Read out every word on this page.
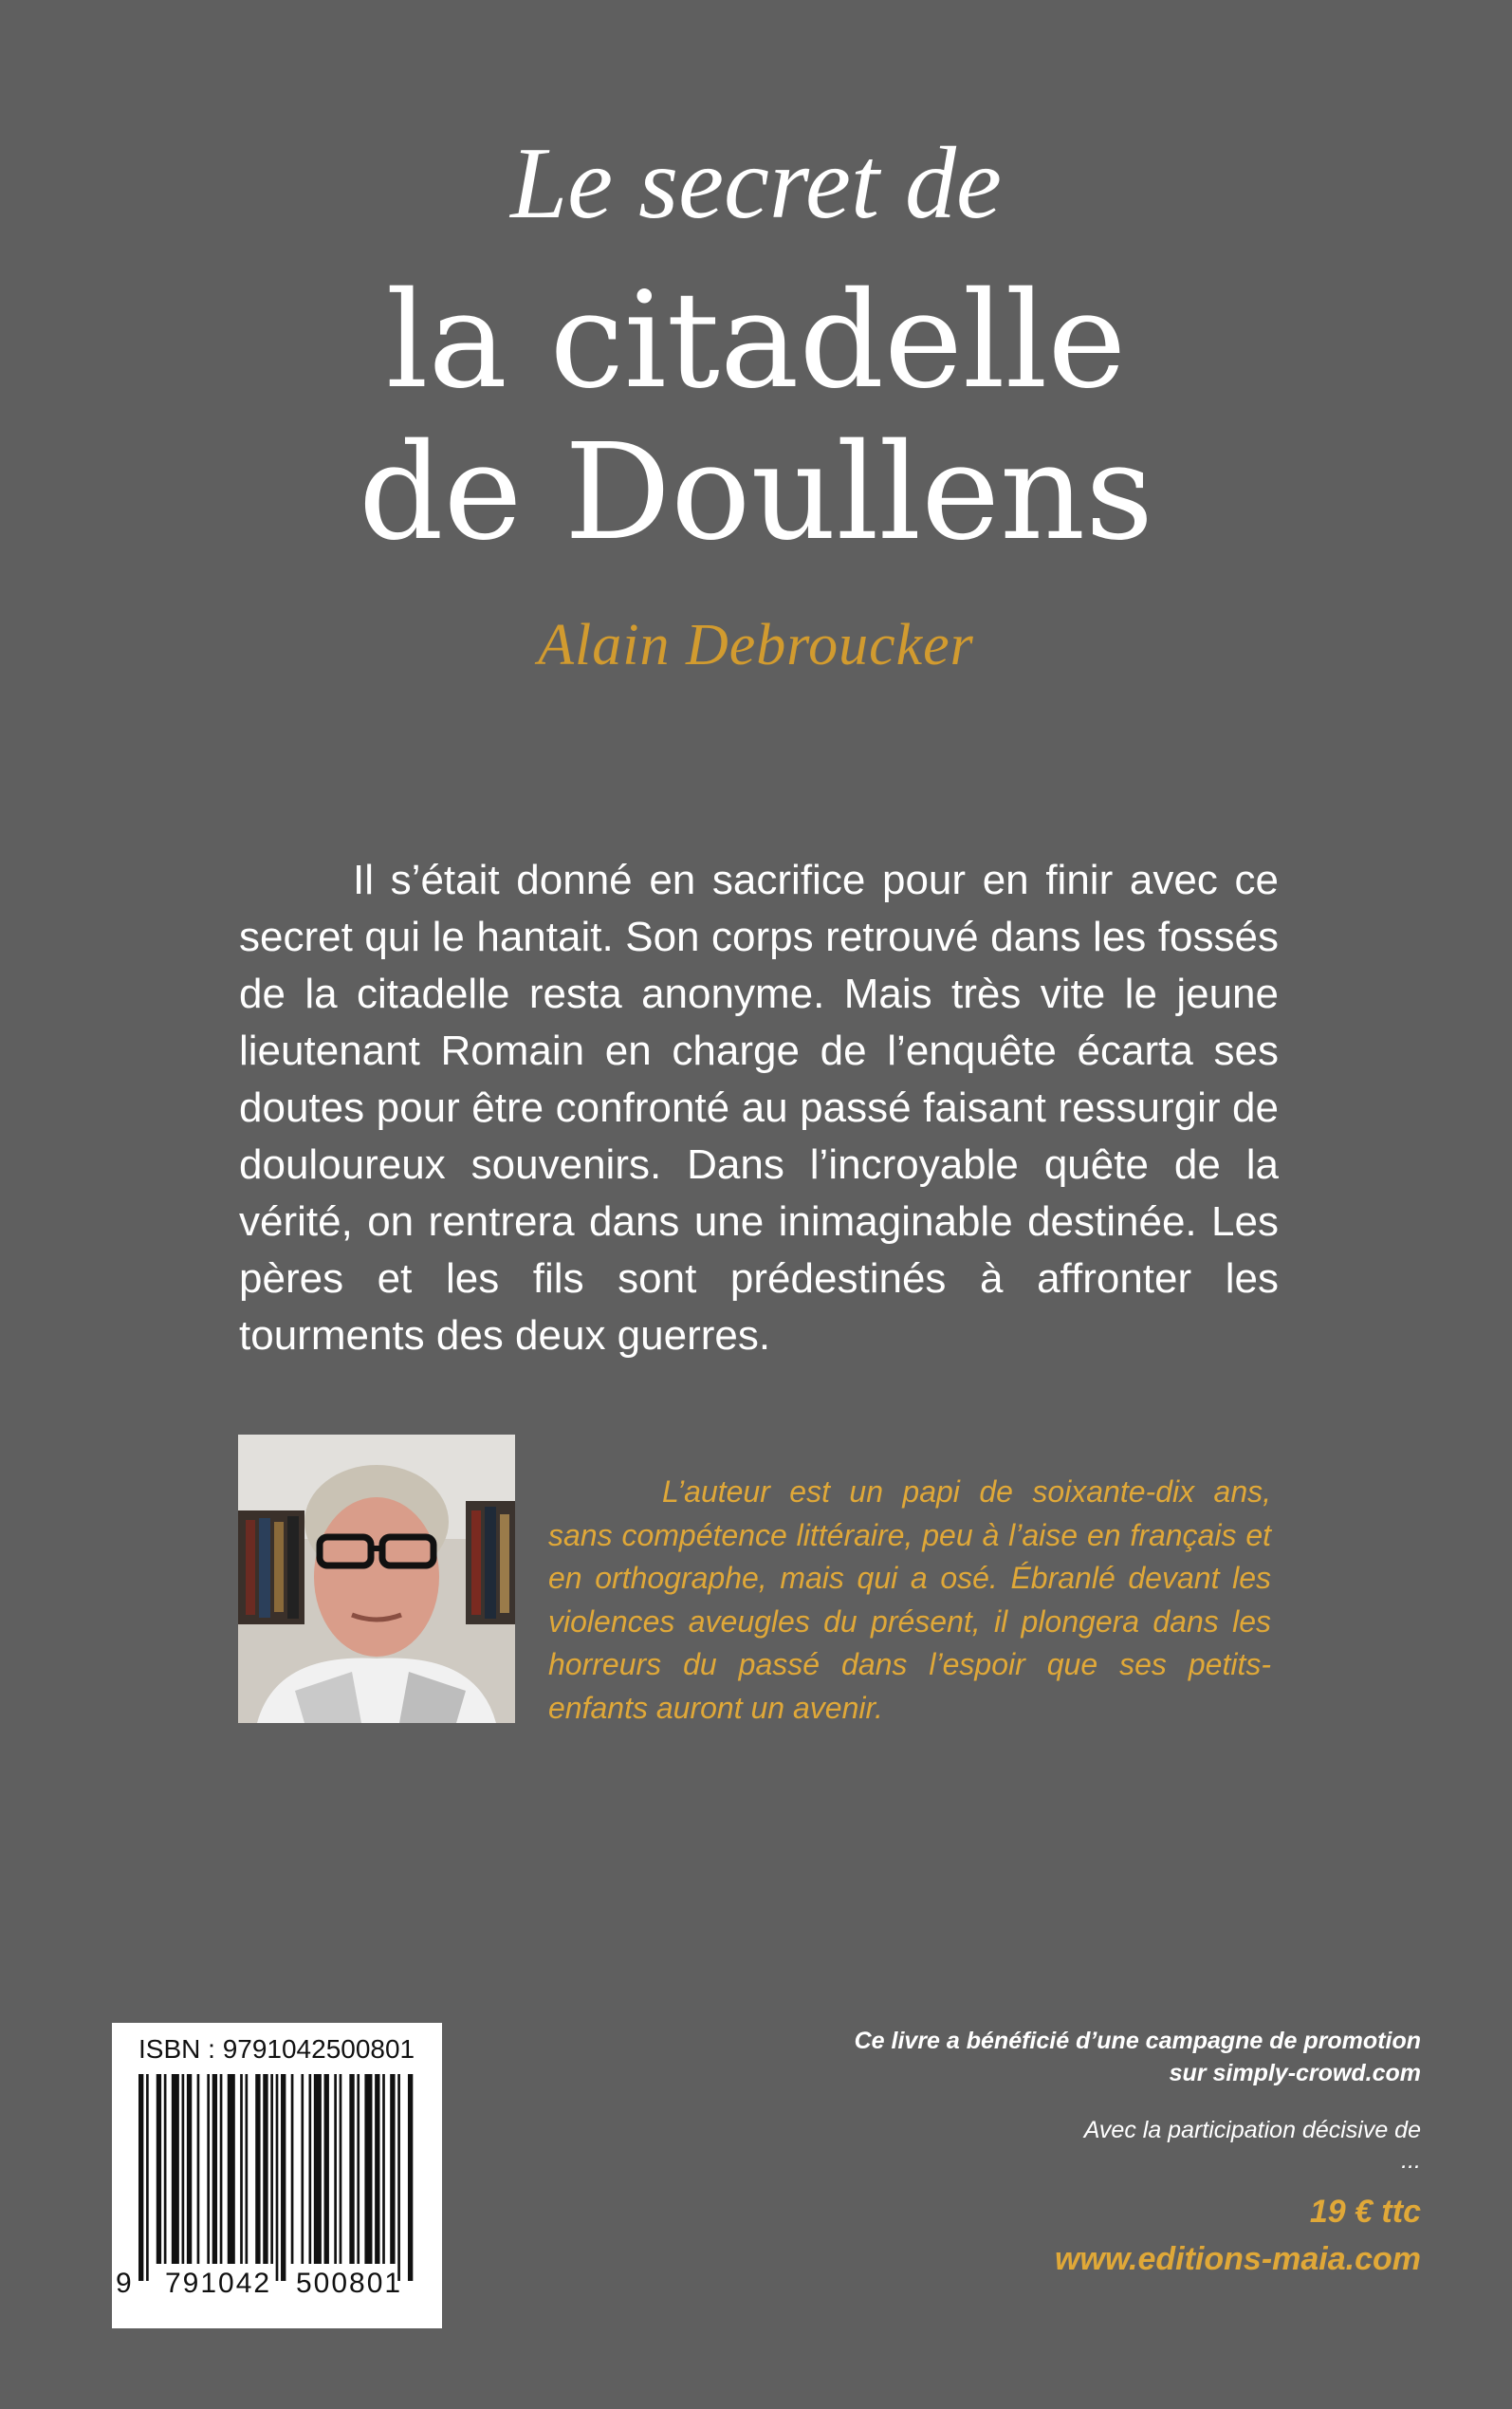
Le secret de
la citadelle
de Doullens
Alain Debroucker

Il s’était donné en sacrifice pour en finir avec ce secret qui le hantait. Son corps retrouvé dans les fossés de la citadelle resta anonyme. Mais très vite le jeune lieutenant Romain en charge de l’enquête écarta ses doutes pour être confronté au passé faisant ressurgir de douloureux souvenirs. Dans l’incroyable quête de la vérité, on rentrera dans une inimaginable destinée. Les pères et les fils sont prédestinés à affronter les tourments des deux guerres.

L’auteur est un papi de soixante-dix ans, sans compétence littéraire, peu à l’aise en français et en orthographe, mais qui a osé. Ébranlé devant les violences aveugles du présent, il plongera dans les horreurs du passé dans l’espoir que ses petits-enfants auront un avenir.

ISBN : 9791042500801
9 791042 500801
Ce livre a bénéficié d’une campagne de promotion
sur simply-crowd.com
Avec la participation décisive de
...
19 € ttc
www.editions-maia.com
